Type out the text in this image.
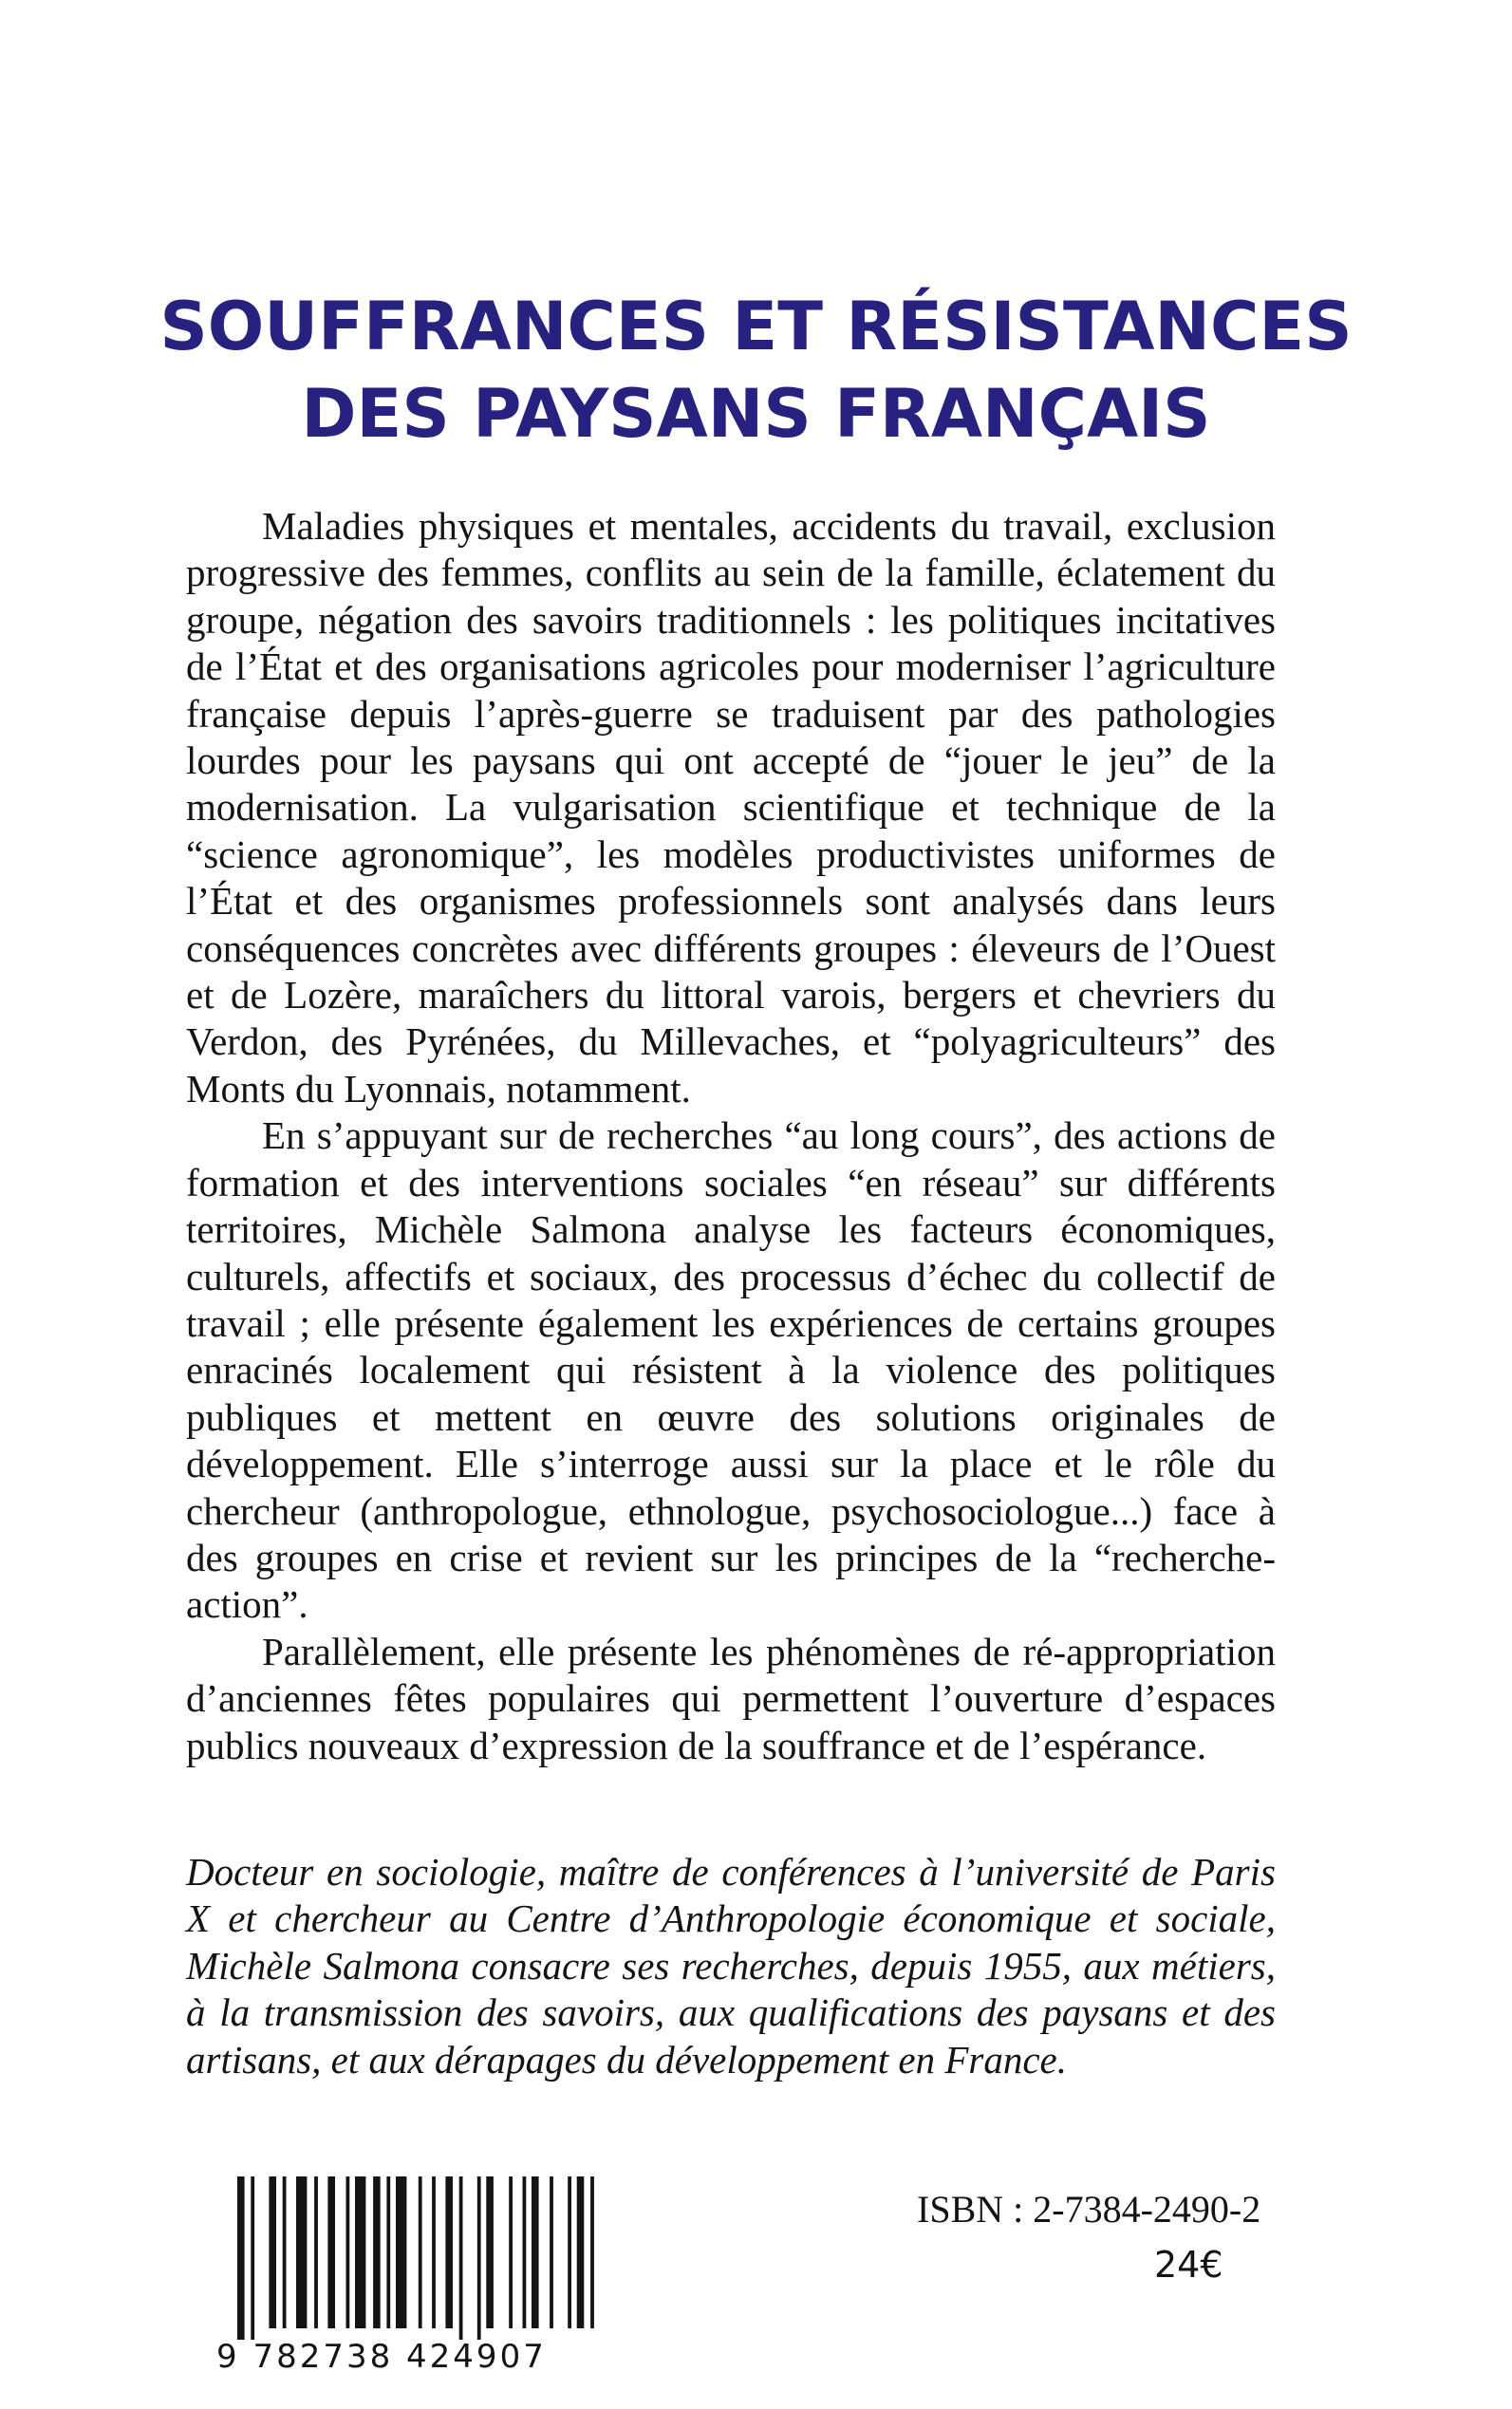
SOUFFRANCES ET RÉSISTANCES
DES PAYSANS FRANÇAIS

Maladies physiques et mentales, accidents du travail, exclusion progressive des femmes, conflits au sein de la famille, éclatement du groupe, négation des savoirs traditionnels : les politiques incitatives de l’État et des organisations agricoles pour moderniser l’agriculture française depuis l’après-guerre se traduisent par des pathologies lourdes pour les paysans qui ont accepté de “jouer le jeu” de la modernisation. La vulgarisation scientifique et technique de la “science agronomique”, les modèles productivistes uniformes de l’État et des organismes professionnels sont analysés dans leurs conséquences concrètes avec différents groupes : éleveurs de l’Ouest et de Lozère, maraîchers du littoral varois, bergers et chevriers du Verdon, des Pyrénées, du Millevaches, et “polyagriculteurs” des Monts du Lyonnais, notamment.

En s’appuyant sur de recherches “au long cours”, des actions de formation et des interventions sociales “en réseau” sur différents territoires, Michèle Salmona analyse les facteurs économiques, culturels, affectifs et sociaux, des processus d’échec du collectif de travail ; elle présente également les expériences de certains groupes enracinés localement qui résistent à la violence des politiques publiques et mettent en œuvre des solutions originales de développement. Elle s’interroge aussi sur la place et le rôle du chercheur (anthropologue, ethnologue, psychosociologue...) face à des groupes en crise et revient sur les principes de la “recherche-action”.

Parallèlement, elle présente les phénomènes de ré-appropriation d’anciennes fêtes populaires qui permettent l’ouverture d’espaces publics nouveaux d’expression de la souffrance et de l’espérance.

Docteur en sociologie, maître de conférences à l’université de Paris X et chercheur au Centre d’Anthropologie économique et sociale, Michèle Salmona consacre ses recherches, depuis 1955, aux métiers, à la transmission des savoirs, aux qualifications des paysans et des artisans, et aux dérapages du développement en France.

9 782738 424907
ISBN : 2-7384-2490-2
24€
